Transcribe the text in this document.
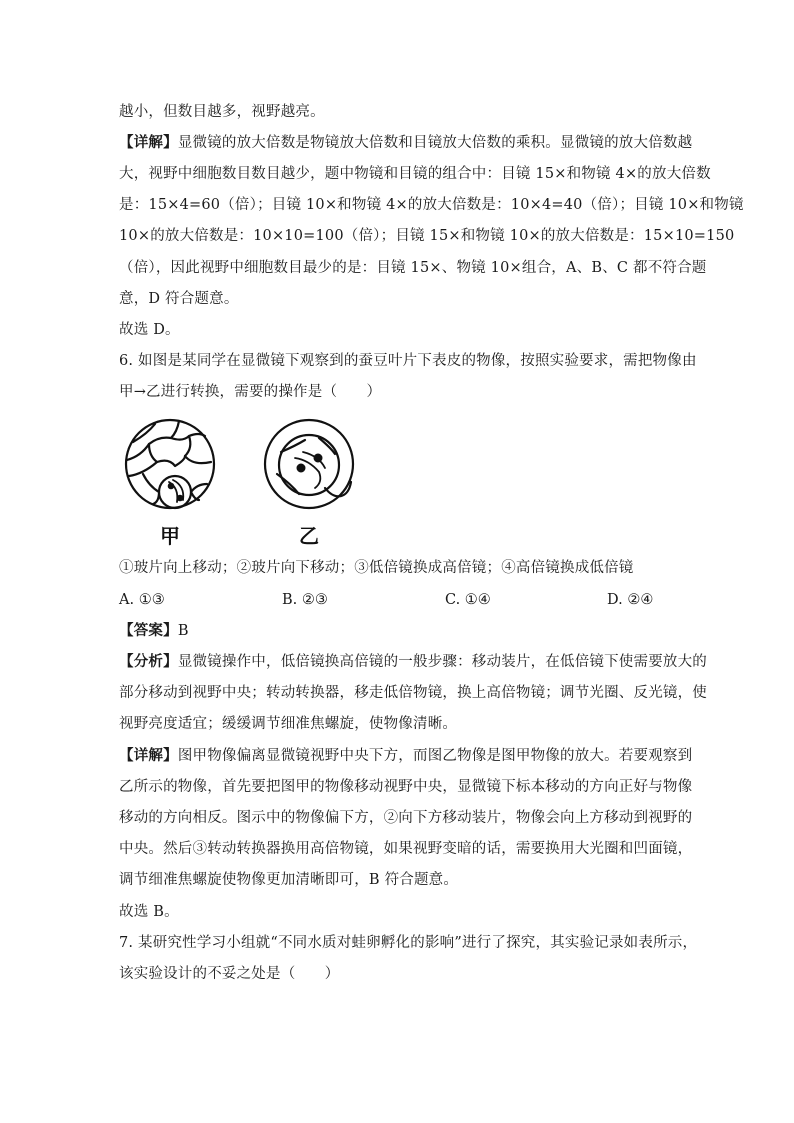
越小，但数目越多，视野越亮。
【详解】显微镜的放大倍数是物镜放大倍数和目镜放大倍数的乘积。显微镜的放大倍数越
大，视野中细胞数目数目越少，题中物镜和目镜的组合中：目镜 15×和物镜 4×的放大倍数
是：15×4=60（倍）；目镜 10×和物镜 4×的放大倍数是：10×4=40（倍）；目镜 10×和物镜
10×的放大倍数是：10×10=100（倍）；目镜 15×和物镜 10×的放大倍数是：15×10=150
（倍），因此视野中细胞数目最少的是：目镜 15×、物镜 10×组合，A、B、C 都不符合题
意，D 符合题意。
故选 D。
6. 如图是某同学在显微镜下观察到的蚕豆叶片下表皮的物像，按照实验要求，需把物像由
甲→乙进行转换，需要的操作是（　　）
甲	乙
①玻片向上移动；②玻片向下移动；③低倍镜换成高倍镜；④高倍镜换成低倍镜
A. ①③	B. ②③	C. ①④	D. ②④
【答案】B
【分析】显微镜操作中，低倍镜换高倍镜的一般步骤：移动装片，在低倍镜下使需要放大的
部分移动到视野中央；转动转换器，移走低倍物镜，换上高倍物镜；调节光圈、反光镜，使
视野亮度适宜；缓缓调节细准焦螺旋，使物像清晰。
【详解】图甲物像偏离显微镜视野中央下方，而图乙物像是图甲物像的放大。若要观察到
乙所示的物像，首先要把图甲的物像移动视野中央，显微镜下标本移动的方向正好与物像
移动的方向相反。图示中的物像偏下方，②向下方移动装片，物像会向上方移动到视野的
中央。然后③转动转换器换用高倍物镜，如果视野变暗的话，需要换用大光圈和凹面镜，
调节细准焦螺旋使物像更加清晰即可，B 符合题意。
故选 B。
7. 某研究性学习小组就“不同水质对蛙卵孵化的影响”进行了探究，其实验记录如表所示，
该实验设计的不妥之处是（　　）
